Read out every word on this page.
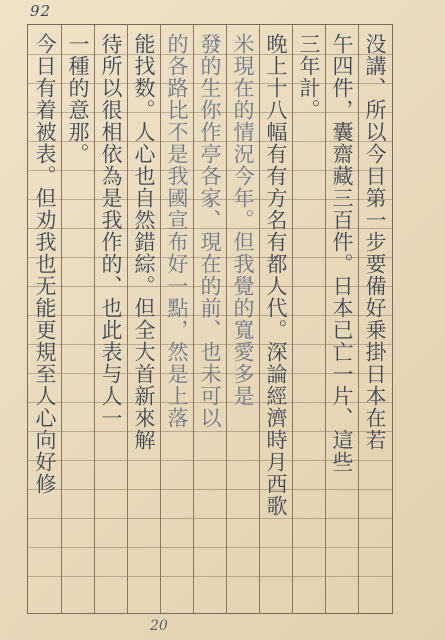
92
没講、所以今日第一步要備好乗掛日本在若
午四件，囊齋藏三百件。日本已亡一片、這些
三年計。
晚上十八幅有有方名有都人代。深論經濟時月西歌
米現在的情況今年。但我覺的寬愛多是
發的生你作亭各家、現在的前、也未可以
的各路比不是我國宣布好一點，然是上落
能找数。人心也自然錯綜。但全大首新來解
待所以很相依為是我作的、也此表与人一
一種的意那。
今日有着被表。但劝我也无能更規至人心向好修
20
